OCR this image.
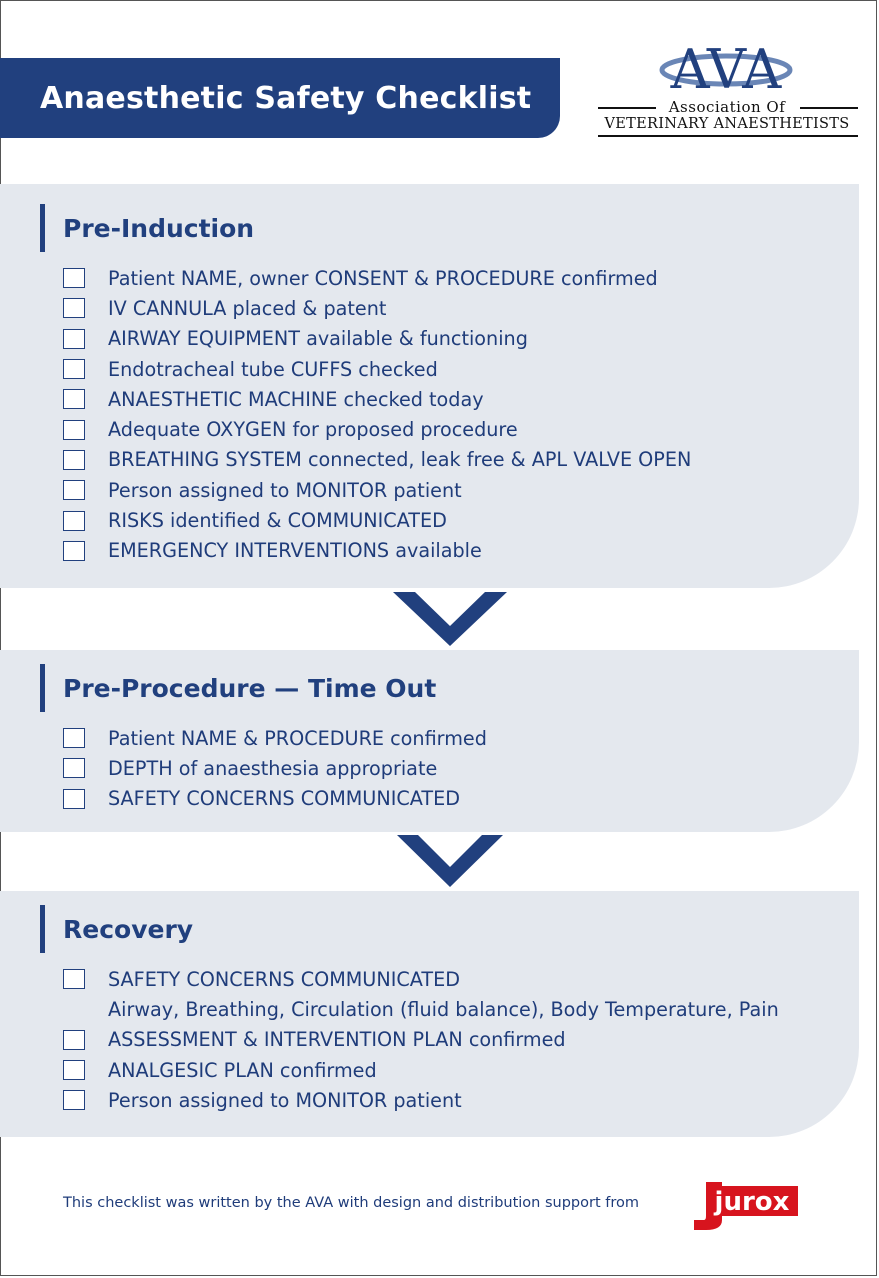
Anaesthetic Safety Checklist	AVA
Association Of
VETERINARY ANAESTHETISTS
Pre-Induction
Patient NAME, owner CONSENT & PROCEDURE confirmed
IV CANNULA placed & patent
AIRWAY EQUIPMENT available & functioning
Endotracheal tube CUFFS checked
ANAESTHETIC MACHINE checked today
Adequate OXYGEN for proposed procedure
BREATHING SYSTEM connected, leak free & APL VALVE OPEN
Person assigned to MONITOR patient
RISKS identified & COMMUNICATED
EMERGENCY INTERVENTIONS available
Pre-Procedure — Time Out
Patient NAME & PROCEDURE confirmed
DEPTH of anaesthesia appropriate
SAFETY CONCERNS COMMUNICATED
Recovery
SAFETY CONCERNS COMMUNICATED
Airway, Breathing, Circulation (fluid balance), Body Temperature, Pain
ASSESSMENT & INTERVENTION PLAN confirmed
ANALGESIC PLAN confirmed
Person assigned to MONITOR patient
This checklist was written by the AVA with design and distribution support from	jurox
